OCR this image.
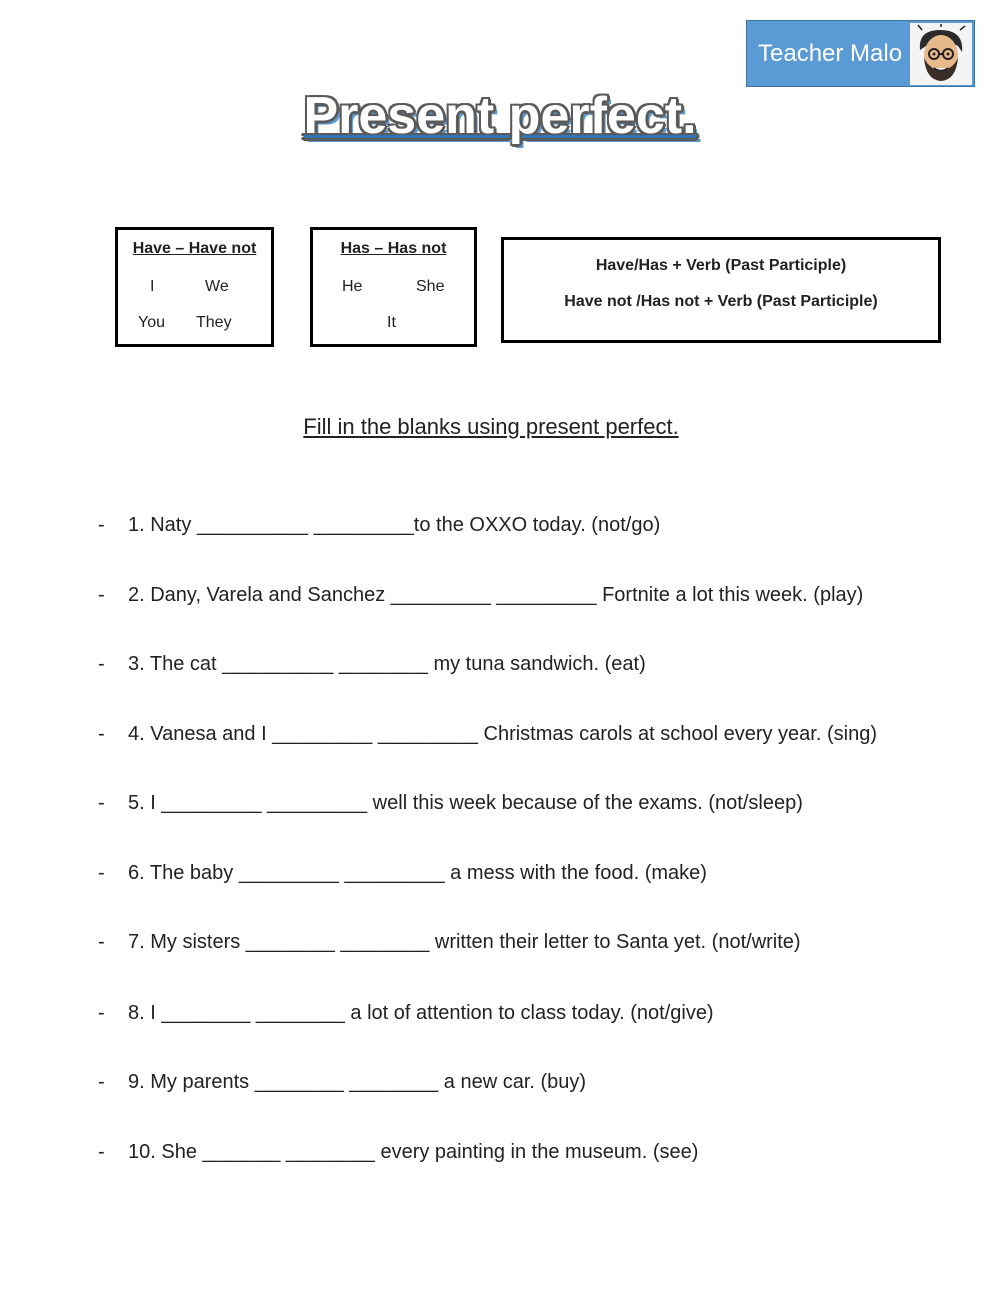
Teacher Malo
Present perfect.
Have – Have not
I	We
You They
Has – Has not
He	She
It
Have/Has + Verb (Past Participle)
Have not /Has not + Verb (Past Participle)
Fill in the blanks using present perfect.
- 1. Naty __________ _________to the OXXO today. (not/go)
- 2. Dany, Varela and Sanchez _________ _________ Fortnite a lot this week. (play)
- 3. The cat __________ ________ my tuna sandwich. (eat)
- 4. Vanesa and I _________ _________ Christmas carols at school every year. (sing)
- 5. I _________ _________ well this week because of the exams. (not/sleep)
- 6. The baby _________ _________ a mess with the food. (make)
- 7. My sisters ________ ________ written their letter to Santa yet. (not/write)
- 8. I ________ ________ a lot of attention to class today. (not/give)
- 9. My parents ________ ________ a new car. (buy)
- 10. She _______ ________ every painting in the museum. (see)
